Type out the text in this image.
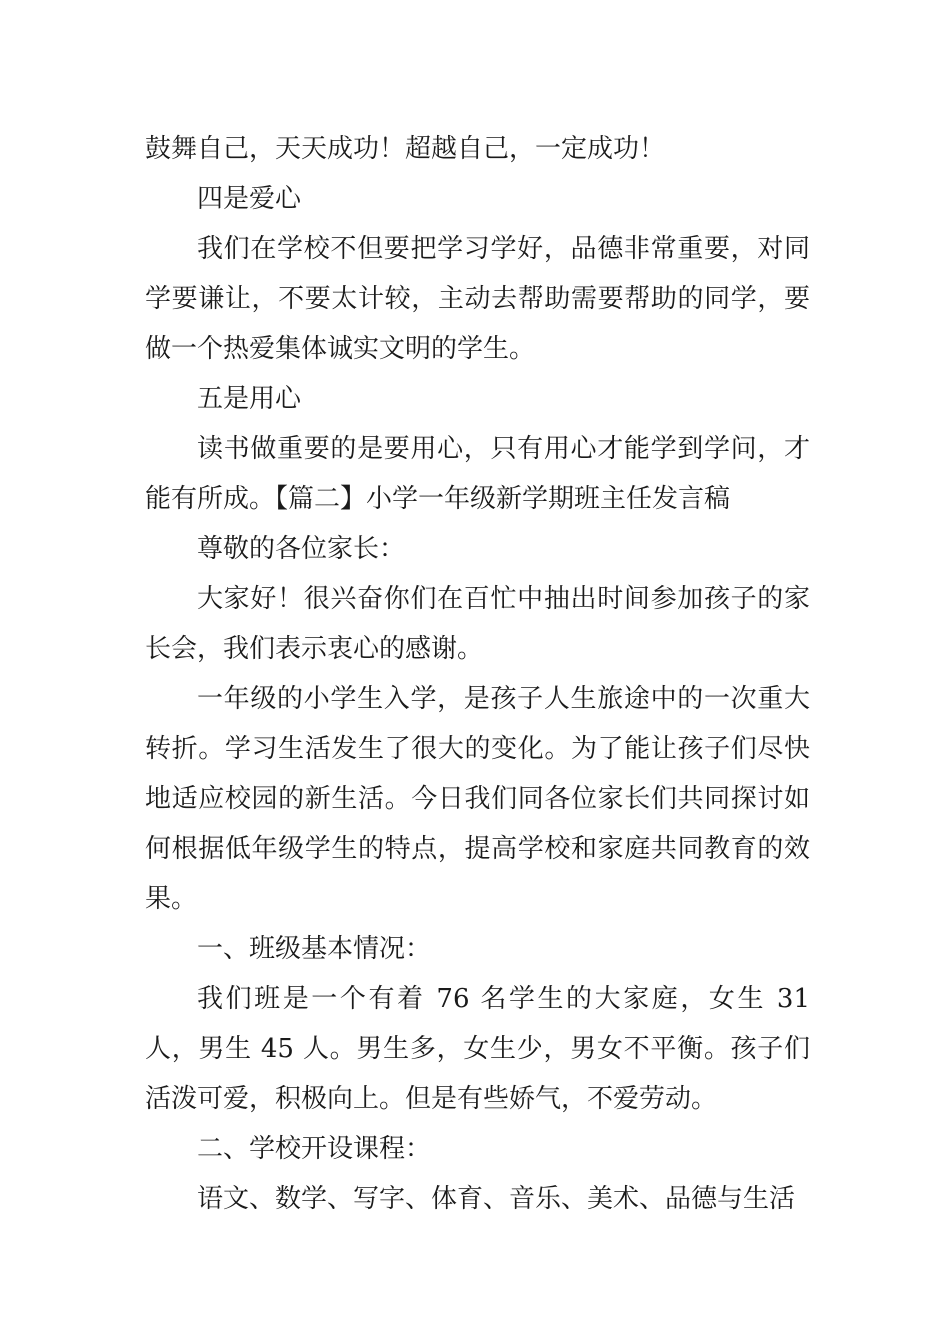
鼓舞自己，天天成功！超越自己，一定成功！

四是爱心

我们在学校不但要把学习学好，品德非常重要，对同学要谦让，不要太计较，主动去帮助需要帮助的同学，要做一个热爱集体诚实文明的学生。

五是用心

读书做重要的是要用心，只有用心才能学到学问，才能有所成。【篇二】小学一年级新学期班主任发言稿

尊敬的各位家长：

大家好！很兴奋你们在百忙中抽出时间参加孩子的家长会，我们表示衷心的感谢。

一年级的小学生入学，是孩子人生旅途中的一次重大转折。学习生活发生了很大的变化。为了能让孩子们尽快地适应校园的新生活。今日我们同各位家长们共同探讨如何根据低年级学生的特点，提高学校和家庭共同教育的效果。

一、班级基本情况：

我们班是一个有着 76 名学生的大家庭，女生 31 人，男生 45 人。男生多，女生少，男女不平衡。孩子们活泼可爱，积极向上。但是有些娇气，不爱劳动。

二、学校开设课程：

语文、数学、写字、体育、音乐、美术、品德与生活
